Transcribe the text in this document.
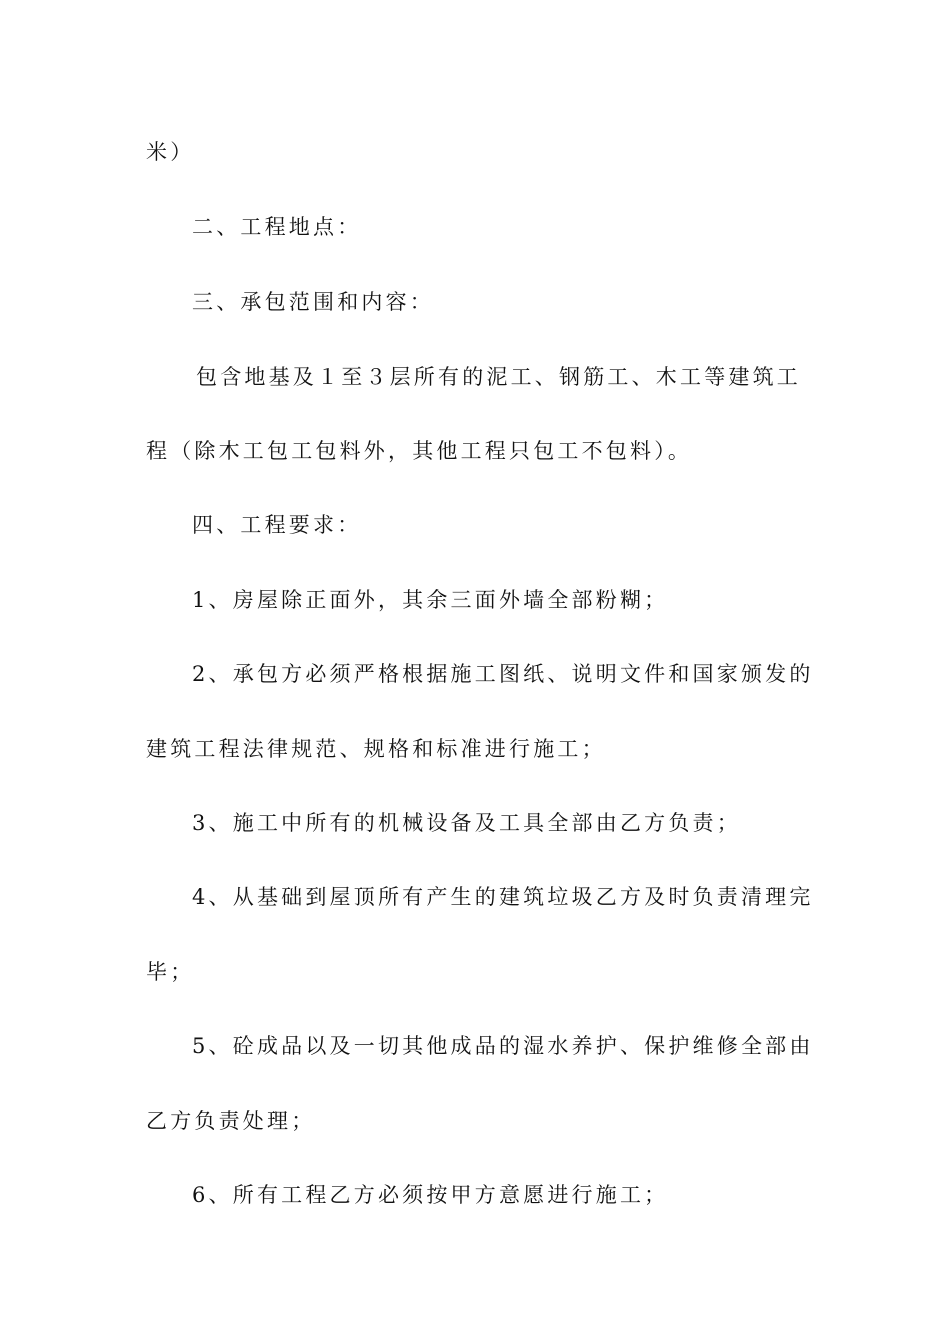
米）
二、工程地点：
三、承包范围和内容：
包含地基及１至３层所有的泥工、钢筋工、木工等建筑工
程（除木工包工包料外，其他工程只包工不包料）。
四、工程要求：
1、房屋除正面外，其余三面外墙全部粉糊；
2、承包方必须严格根据施工图纸、说明文件和国家颁发的
建筑工程法律规范、规格和标准进行施工；
3、施工中所有的机械设备及工具全部由乙方负责；
4、从基础到屋顶所有产生的建筑垃圾乙方及时负责清理完
毕；
5、砼成品以及一切其他成品的湿水养护、保护维修全部由
乙方负责处理；
6、所有工程乙方必须按甲方意愿进行施工；
